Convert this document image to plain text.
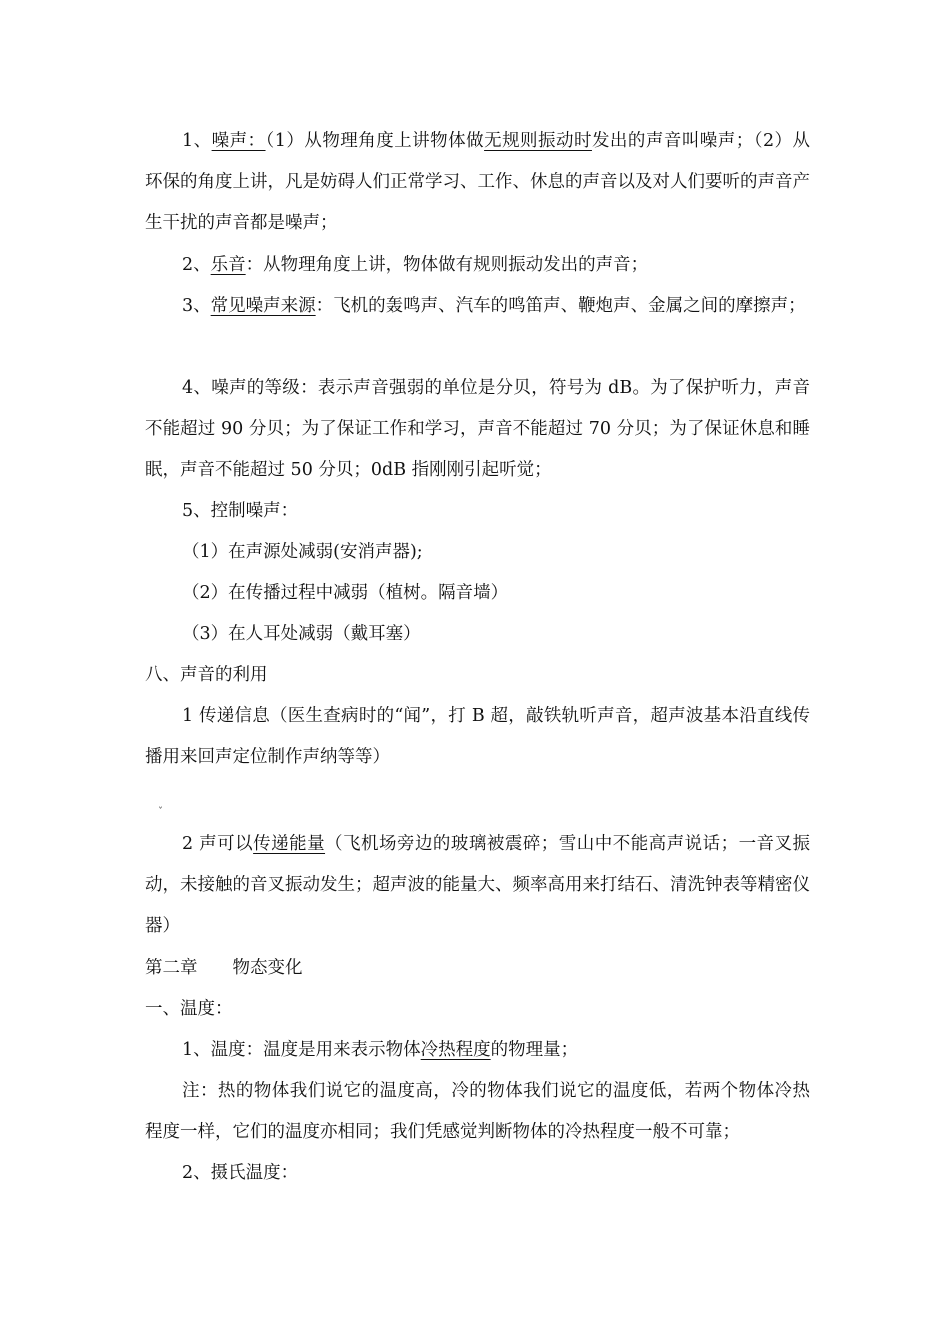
1、噪声：（1）从物理角度上讲物体做无规则振动时发出的声音叫噪声；（2）从环保的角度上讲，凡是妨碍人们正常学习、工作、休息的声音以及对人们要听的声音产生干扰的声音都是噪声；
2、乐音：从物理角度上讲，物体做有规则振动发出的声音；
3、常见噪声来源：飞机的轰鸣声、汽车的鸣笛声、鞭炮声、金属之间的摩擦声；
4、噪声的等级：表示声音强弱的单位是分贝，符号为 dB。为了保护听力，声音不能超过 90 分贝；为了保证工作和学习，声音不能超过 70 分贝；为了保证休息和睡眠，声音不能超过 50 分贝；0dB 指刚刚引起听觉；
5、控制噪声：
（1）在声源处减弱(安消声器);
（2）在传播过程中减弱（植树。隔音墙）
（3）在人耳处减弱（戴耳塞）
八、声音的利用
1 传递信息（医生查病时的“闻”，打 B 超，敲铁轨听声音，超声波基本沿直线传播用来回声定位制作声纳等等）
ˇ
2 声可以传递能量（飞机场旁边的玻璃被震碎；雪山中不能高声说话；一音叉振动，未接触的音叉振动发生；超声波的能量大、频率高用来打结石、清洗钟表等精密仪器）
第二章　　物态变化
一、温度：
1、温度：温度是用来表示物体冷热程度的物理量；
注：热的物体我们说它的温度高，冷的物体我们说它的温度低，若两个物体冷热程度一样，它们的温度亦相同；我们凭感觉判断物体的冷热程度一般不可靠；
2、摄氏温度：
